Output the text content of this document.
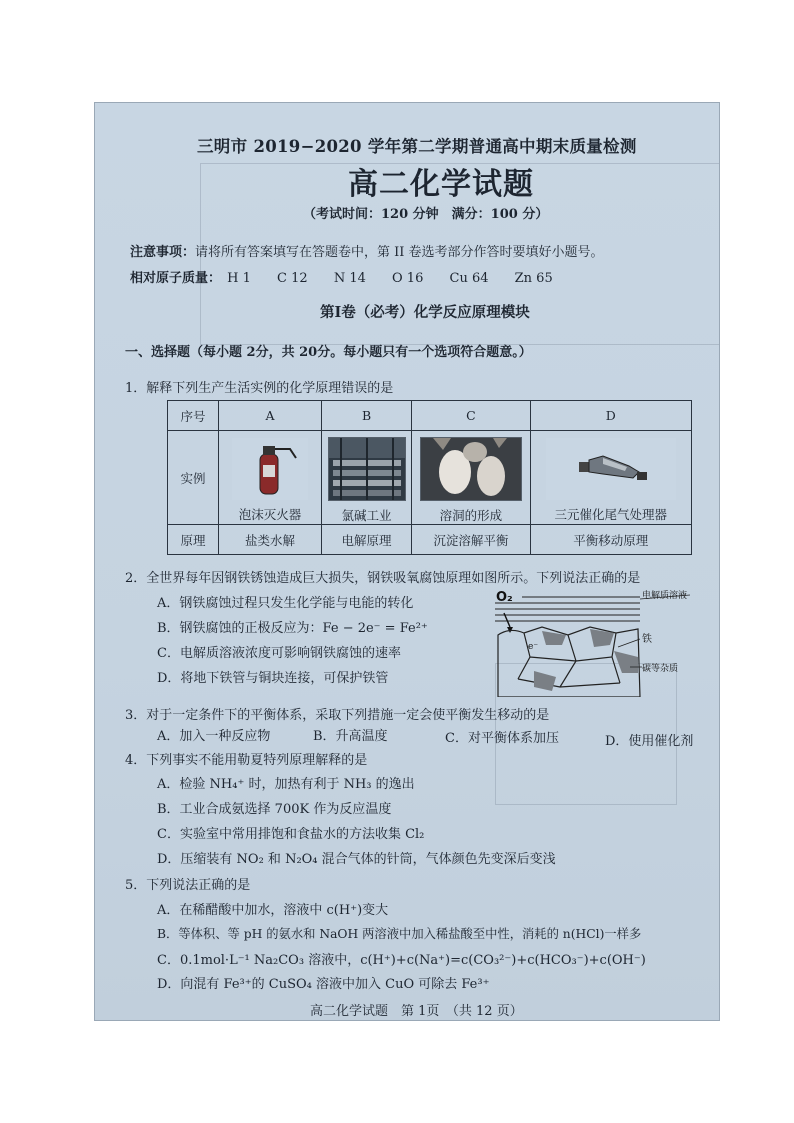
三明市 2019−2020 学年第二学期普通高中期末质量检测
高二化学试题
（考试时间：120 分钟　满分：100 分）
注意事项：请将所有答案填写在答题卷中，第 II 卷选考部分作答时要填好小题号。
相对原子质量： H 1 C 12 N 14 O 16 Cu 64 Zn 65
第Ⅰ卷（必考）化学反应原理模块
一、选择题（每小题 2分，共 20分。每小题只有一个选项符合题意。）
1．解释下列生产生活实例的化学原理错误的是
序号	A	B	C	D
实例	泡沫灭火器	氯碱工业	溶洞的形成	三元催化尾气处理器

原理	盐类水解	电解原理	沉淀溶解平衡	平衡移动原理
2．全世界每年因钢铁锈蚀造成巨大损失，钢铁吸氧腐蚀原理如图所示。下列说法正确的是
A．钢铁腐蚀过程只发生化学能与电能的转化
B．钢铁腐蚀的正极反应为：Fe − 2e⁻ = Fe²⁺
C．电解质溶液浓度可影响钢铁腐蚀的速率
D．将地下铁管与铜块连接，可保护铁管
O₂	电解质溶液
e⁻
铁
碳等杂质
3．对于一定条件下的平衡体系，采取下列措施一定会使平衡发生移动的是
A．加入一种反应物	B．升高温度	C．对平衡体系加压	D．使用催化剂
4．下列事实不能用勒夏特列原理解释的是
A．检验 NH₄⁺ 时，加热有利于 NH₃ 的逸出
B．工业合成氨选择 700K 作为反应温度
C．实验室中常用排饱和食盐水的方法收集 Cl₂
D．压缩装有 NO₂ 和 N₂O₄ 混合气体的针筒，气体颜色先变深后变浅
5．下列说法正确的是
A．在稀醋酸中加水，溶液中 c(H⁺)变大
B．等体积、等 pH 的氨水和 NaOH 两溶液中加入稀盐酸至中性，消耗的 n(HCl)一样多
C．0.1mol·L⁻¹ Na₂CO₃ 溶液中，c(H⁺)+c(Na⁺)=c(CO₃²⁻)+c(HCO₃⁻)+c(OH⁻)
D．向混有 Fe³⁺的 CuSO₄ 溶液中加入 CuO 可除去 Fe³⁺
高二化学试题　第 1页　（共 12 页）
